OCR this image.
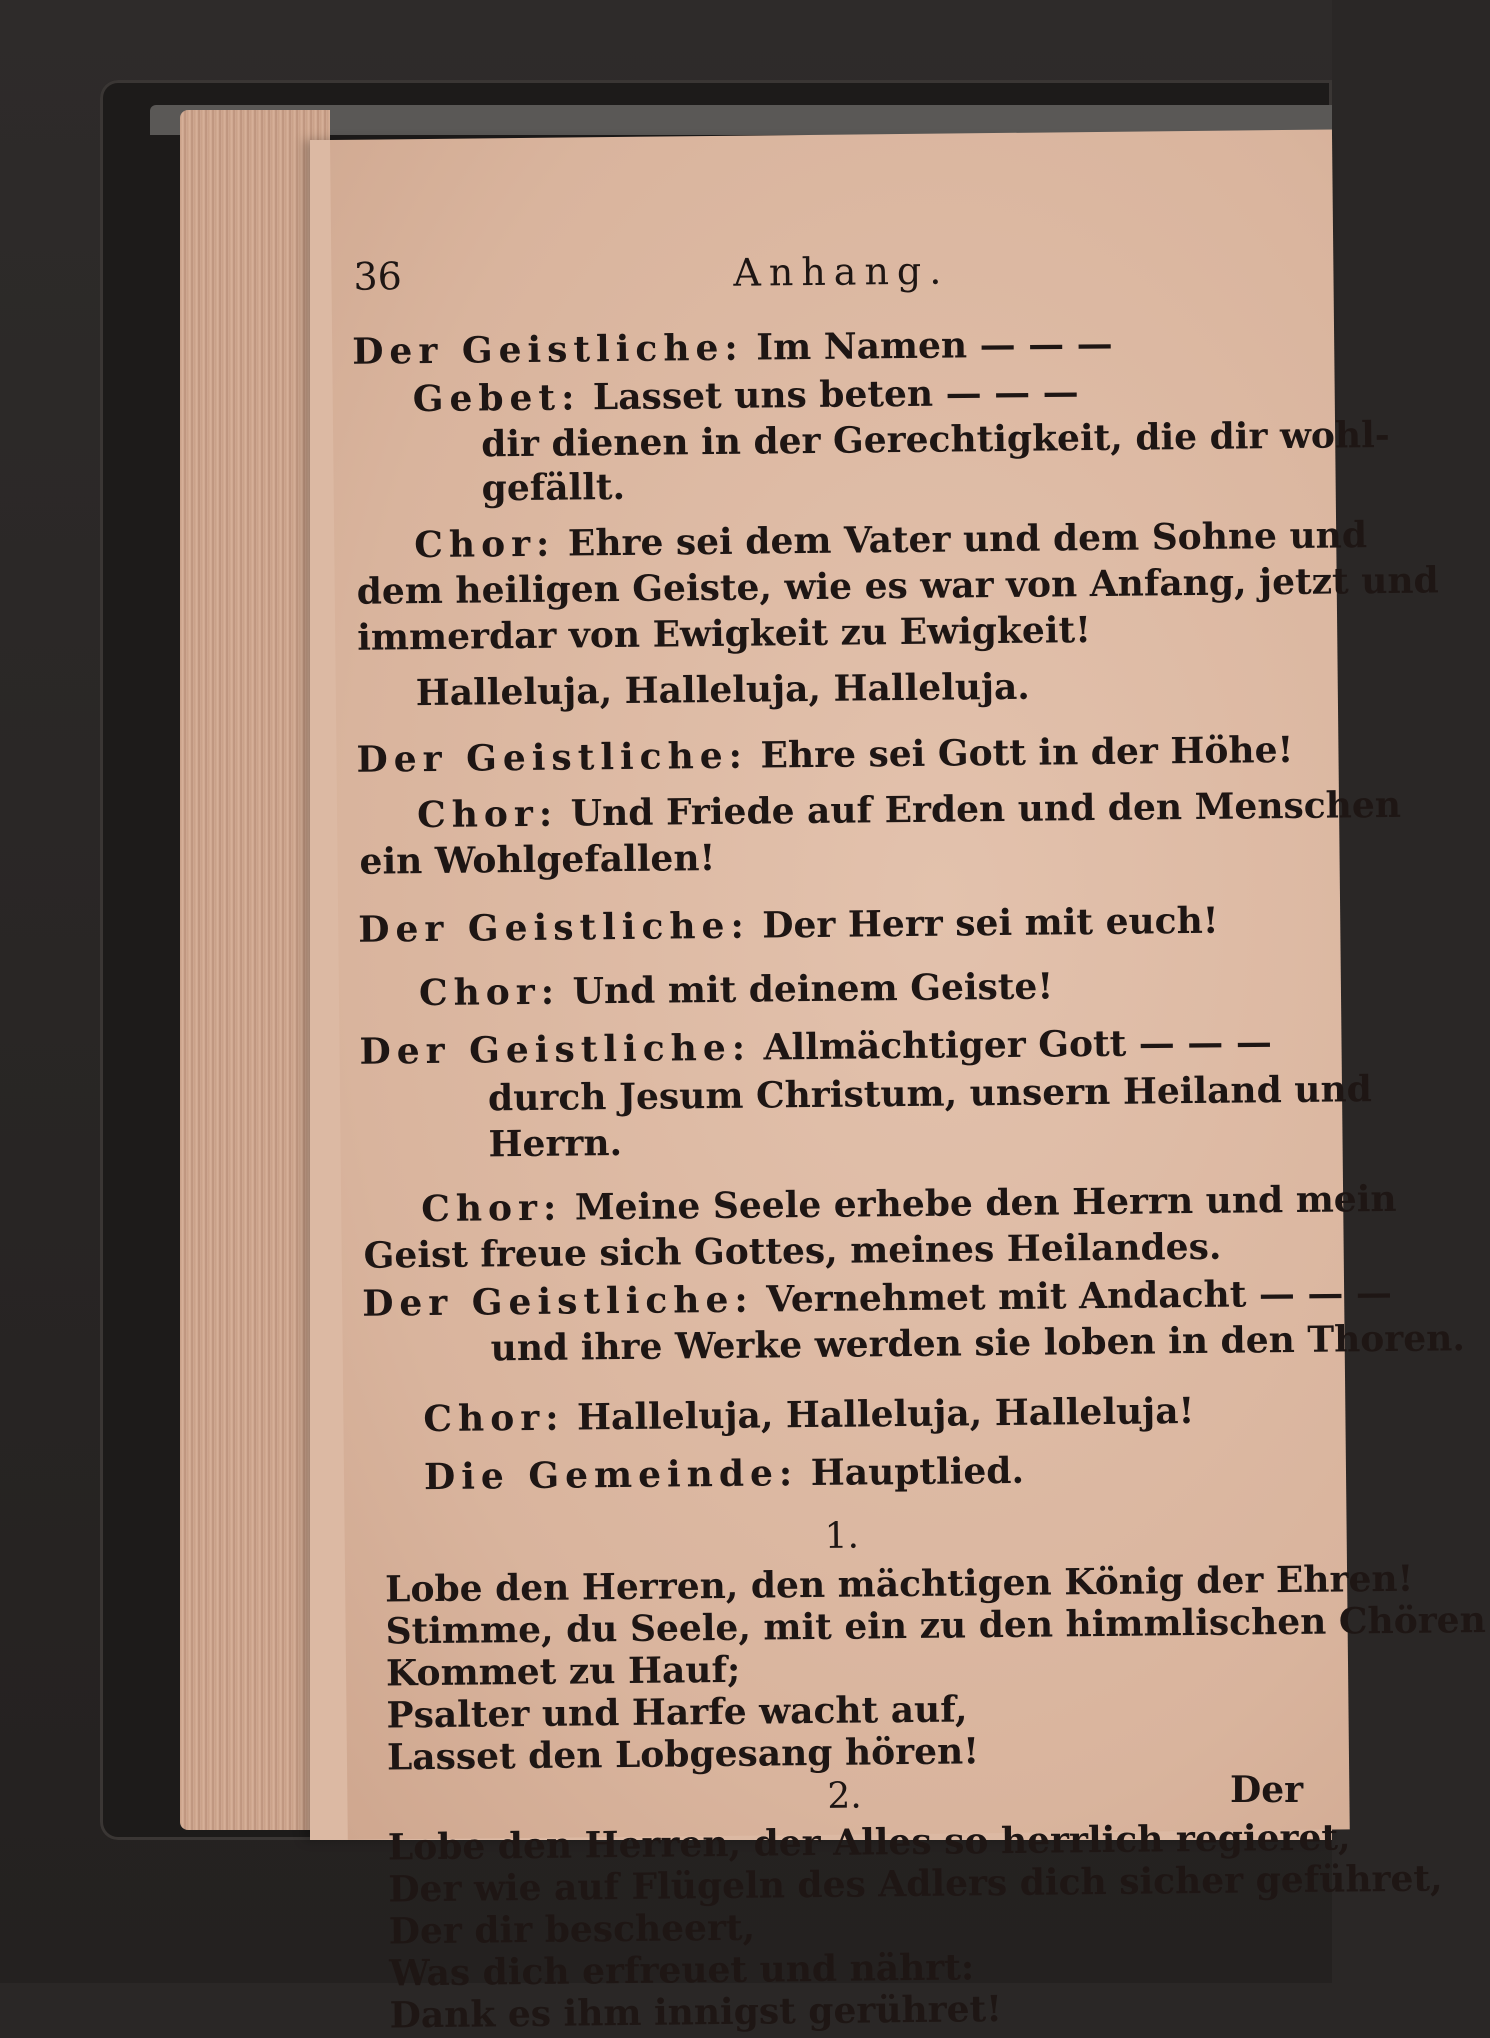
36	Anhang.
Der Geistliche: Im Namen — — —
Gebet: Lasset uns beten — — —
dir dienen in der Gerechtigkeit, die dir wohl-
gefällt.
Chor: Ehre sei dem Vater und dem Sohne und
dem heiligen Geiste, wie es war von Anfang, jetzt und
immerdar von Ewigkeit zu Ewigkeit!
Halleluja, Halleluja, Halleluja.
Der Geistliche: Ehre sei Gott in der Höhe!
Chor: Und Friede auf Erden und den Menschen
ein Wohlgefallen!
Der Geistliche: Der Herr sei mit euch!
Chor: Und mit deinem Geiste!
Der Geistliche: Allmächtiger Gott — — —
durch Jesum Christum, unsern Heiland und
Herrn.
Chor: Meine Seele erhebe den Herrn und mein
Geist freue sich Gottes, meines Heilandes.
Der Geistliche: Vernehmet mit Andacht — — —
und ihre Werke werden sie loben in den Thoren.
Chor: Halleluja, Halleluja, Halleluja!
Die Gemeinde: Hauptlied.
1.
Lobe den Herren, den mächtigen König der Ehren!
Stimme, du Seele, mit ein zu den himmlischen Chören
Kommet zu Hauf;
Psalter und Harfe wacht auf,
Lasset den Lobgesang hören!
2.
Lobe den Herren, der Alles so herrlich regieret,
Der wie auf Flügeln des Adlers dich sicher geführet,
Der dir bescheert,
Was dich erfreuet und nährt:
Dank es ihm innigst gerühret!
Der
